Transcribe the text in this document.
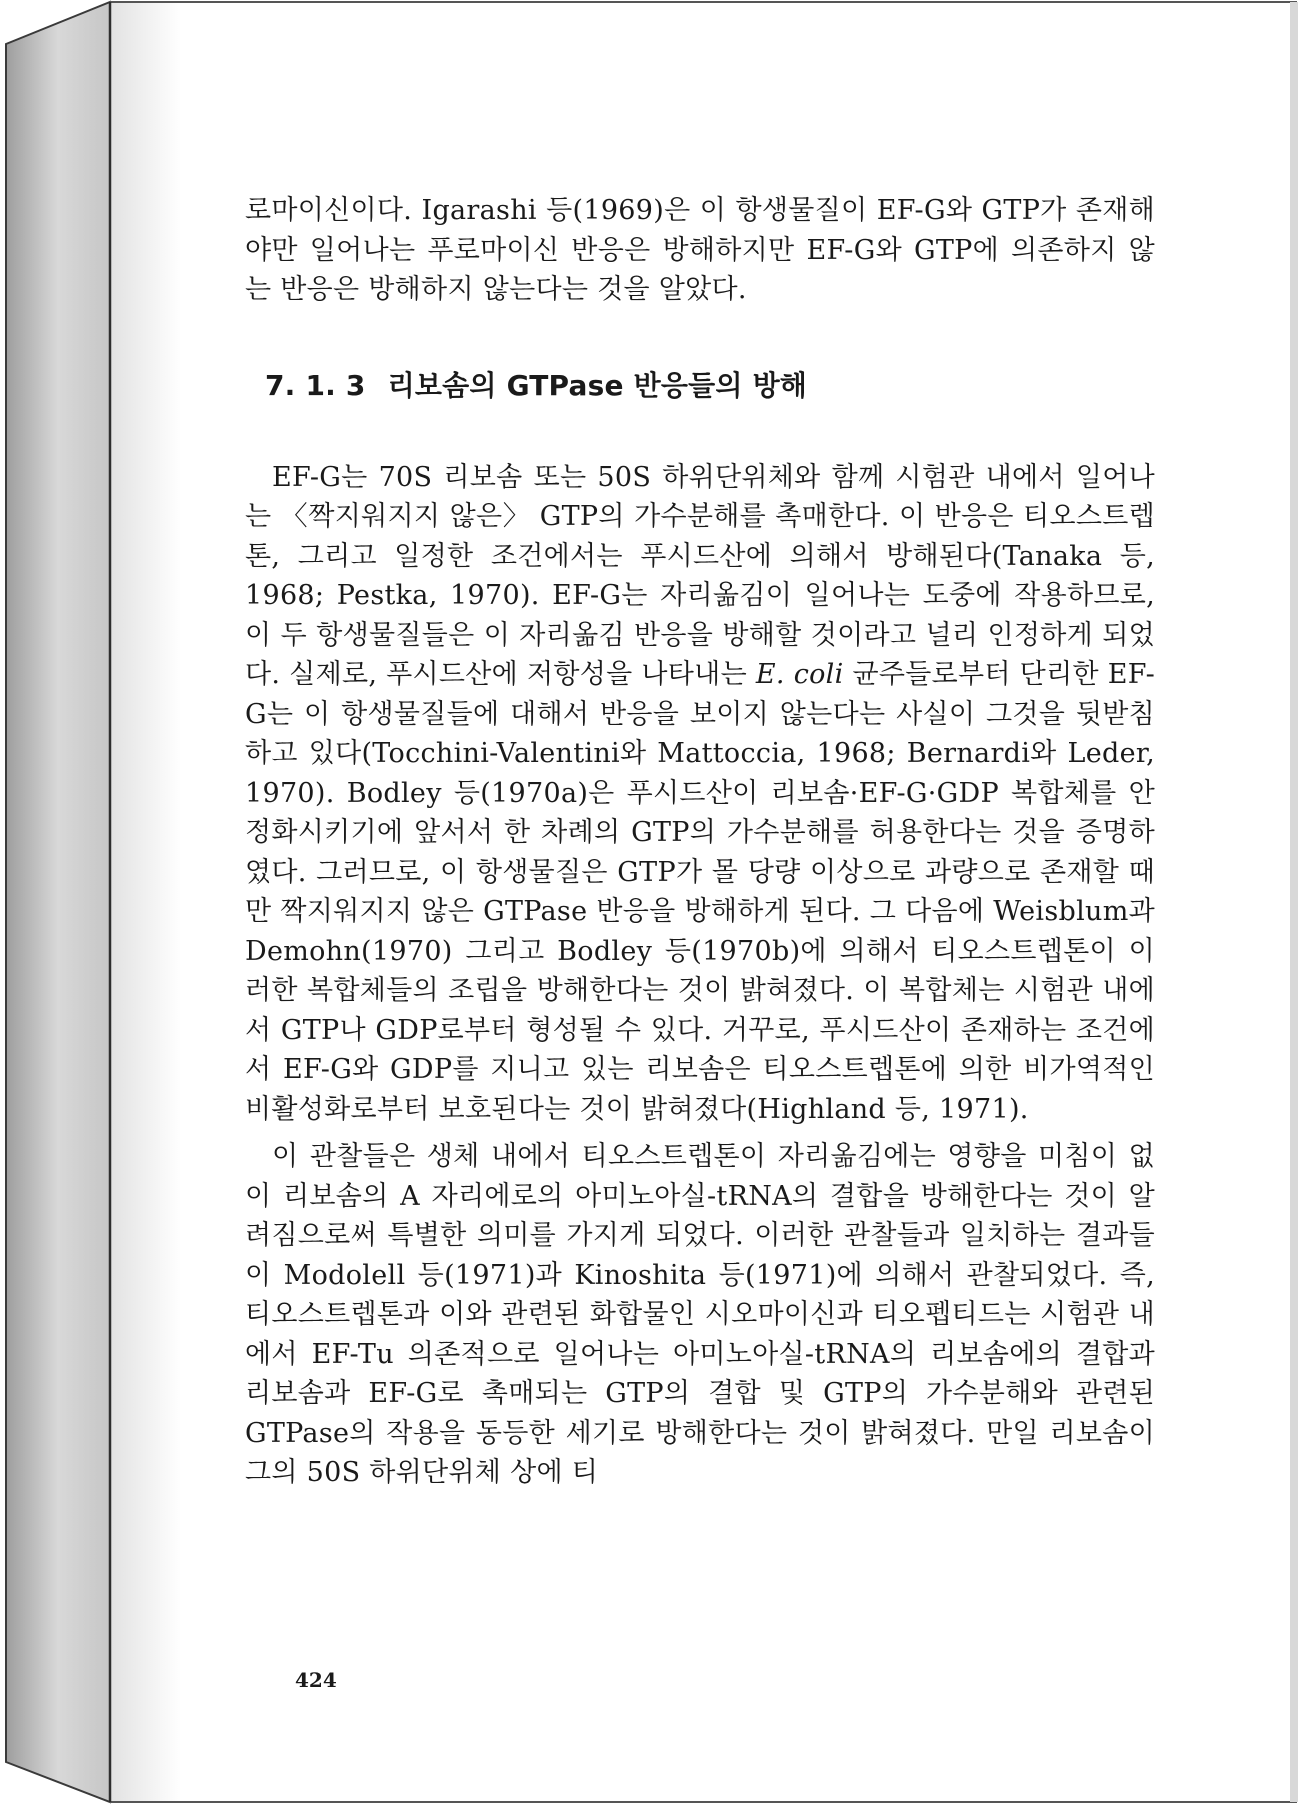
로마이신이다. Igarashi 등(1969)은 이 항생물질이 EF-G와 GTP가 존재해야만 일어나는 푸로마이신 반응은 방해하지만 EF-G와 GTP에 의존하지 않는 반응은 방해하지 않는다는 것을 알았다.

7. 1. 3 리보솜의 GTPase 반응들의 방해

EF-G는 70S 리보솜 또는 50S 하위단위체와 함께 시험관 내에서 일어나는 〈짝지워지지 않은〉 GTP의 가수분해를 촉매한다. 이 반응은 티오스트렙톤, 그리고 일정한 조건에서는 푸시드산에 의해서 방해된다(Tanaka 등, 1968; Pestka, 1970). EF-G는 자리옮김이 일어나는 도중에 작용하므로, 이 두 항생물질들은 이 자리옮김 반응을 방해할 것이라고 널리 인정하게 되었다. 실제로, 푸시드산에 저항성을 나타내는 E. coli 균주들로부터 단리한 EF-G는 이 항생물질들에 대해서 반응을 보이지 않는다는 사실이 그것을 뒷받침하고 있다(Tocchini-Valentini와 Mattoccia, 1968; Bernardi와 Leder, 1970). Bodley 등(1970a)은 푸시드산이 리보솜·EF-G·GDP 복합체를 안정화시키기에 앞서서 한 차례의 GTP의 가수분해를 허용한다는 것을 증명하였다. 그러므로, 이 항생물질은 GTP가 몰 당량 이상으로 과량으로 존재할 때만 짝지워지지 않은 GTPase 반응을 방해하게 된다. 그 다음에 Weisblum과 Demohn(1970) 그리고 Bodley 등(1970b)에 의해서 티오스트렙톤이 이러한 복합체들의 조립을 방해한다는 것이 밝혀졌다. 이 복합체는 시험관 내에서 GTP나 GDP로부터 형성될 수 있다. 거꾸로, 푸시드산이 존재하는 조건에서 EF-G와 GDP를 지니고 있는 리보솜은 티오스트렙톤에 의한 비가역적인 비활성화로부터 보호된다는 것이 밝혀졌다(Highland 등, 1971).

이 관찰들은 생체 내에서 티오스트렙톤이 자리옮김에는 영향을 미침이 없이 리보솜의 A 자리에로의 아미노아실-tRNA의 결합을 방해한다는 것이 알려짐으로써 특별한 의미를 가지게 되었다. 이러한 관찰들과 일치하는 결과들이 Modolell 등(1971)과 Kinoshita 등(1971)에 의해서 관찰되었다. 즉, 티오스트렙톤과 이와 관련된 화합물인 시오마이신과 티오펩티드는 시험관 내에서 EF-Tu 의존적으로 일어나는 아미노아실-tRNA의 리보솜에의 결합과 리보솜과 EF-G로 촉매되는 GTP의 결합 및 GTP의 가수분해와 관련된 GTPase의 작용을 동등한 세기로 방해한다는 것이 밝혀졌다. 만일 리보솜이 그의 50S 하위단위체 상에 티

424
